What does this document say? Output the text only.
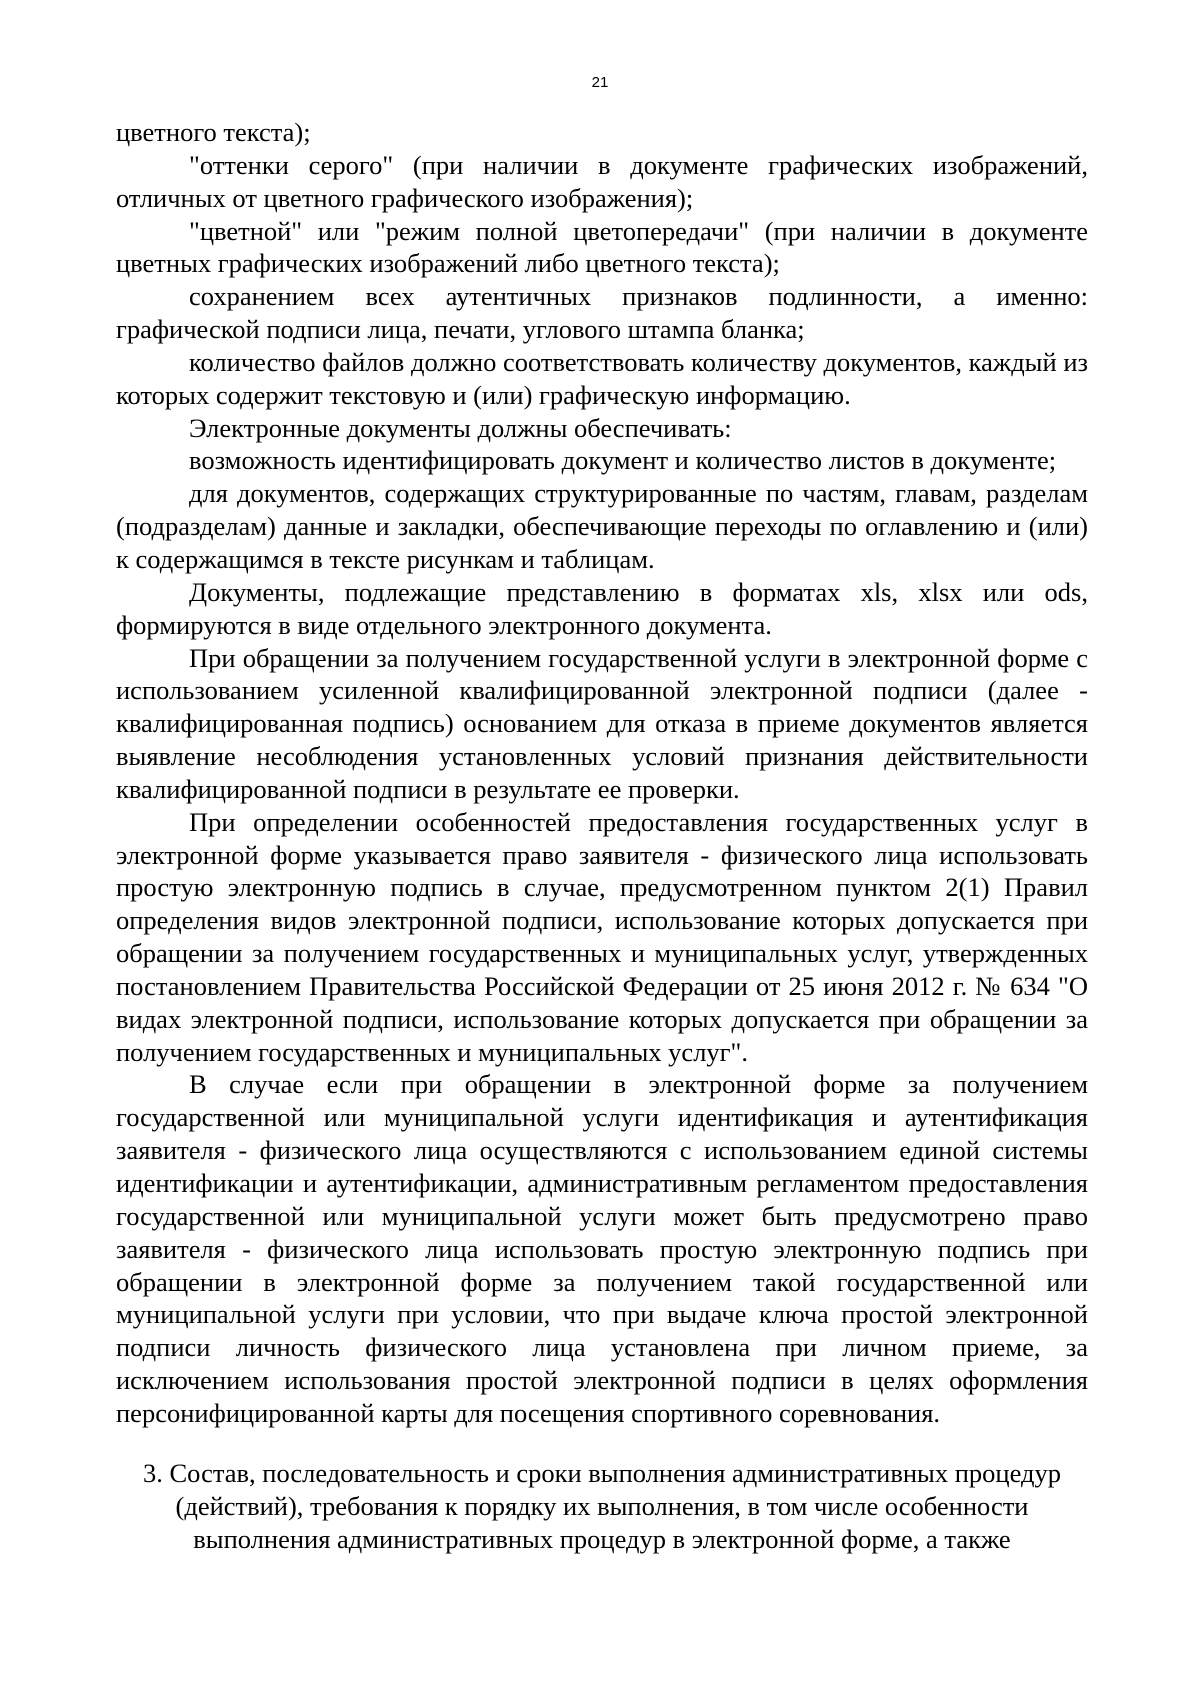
21

цветного текста);

"оттенки серого" (при наличии в документе графических изображений, отличных от цветного графического изображения);

"цветной" или "режим полной цветопередачи" (при наличии в документе цветных графических изображений либо цветного текста);

сохранением всех аутентичных признаков подлинности, а именно: графической подписи лица, печати, углового штампа бланка;

количество файлов должно соответствовать количеству документов, каждый из которых содержит текстовую и (или) графическую информацию.

Электронные документы должны обеспечивать:

возможность идентифицировать документ и количество листов в документе;

для документов, содержащих структурированные по частям, главам, разделам (подразделам) данные и закладки, обеспечивающие переходы по оглавлению и (или) к содержащимся в тексте рисункам и таблицам.

Документы, подлежащие представлению в форматах xls, xlsx или ods, формируются в виде отдельного электронного документа.

При обращении за получением государственной услуги в электронной форме с использованием усиленной квалифицированной электронной подписи (далее - квалифицированная подпись) основанием для отказа в приеме документов является выявление несоблюдения установленных условий признания действительности квалифицированной подписи в результате ее проверки.

При определении особенностей предоставления государственных услуг в электронной форме указывается право заявителя - физического лица использовать простую электронную подпись в случае, предусмотренном пунктом 2(1) Правил определения видов электронной подписи, использование которых допускается при обращении за получением государственных и муниципальных услуг, утвержденных постановлением Правительства Российской Федерации от 25 июня 2012 г. № 634 "О видах электронной подписи, использование которых допускается при обращении за получением государственных и муниципальных услуг".

В случае если при обращении в электронной форме за получением государственной или муниципальной услуги идентификация и аутентификация заявителя - физического лица осуществляются с использованием единой системы идентификации и аутентификации, административным регламентом предоставления государственной или муниципальной услуги может быть предусмотрено право заявителя - физического лица использовать простую электронную подпись при обращении в электронной форме за получением такой государственной или муниципальной услуги при условии, что при выдаче ключа простой электронной подписи личность физического лица установлена при личном приеме, за исключением использования простой электронной подписи в целях оформления персонифицированной карты для посещения спортивного соревнования.

3. Состав, последовательность и сроки выполнения административных процедур
(действий), требования к порядку их выполнения, в том числе особенности
выполнения административных процедур в электронной форме, а также
